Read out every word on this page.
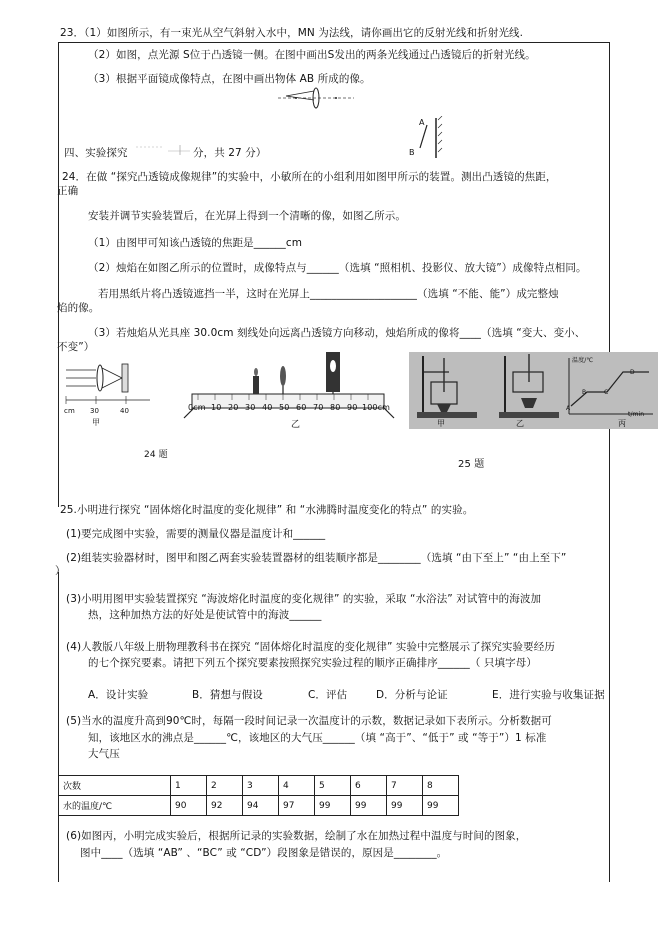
23．（1）如图所示，有一束光从空气斜射入水中，MN 为法线，请你画出它的反射光线和折射光线.
（2）如图，点光源 S位于凸透镜一侧。在图中画出S发出的两条光线通过凸透镜后的折射光线。
（3）根据平面镜成像特点，在图中画出物体 AB 所成的像。
A
B
四、实验探究	分，共 27 分）
24．在做 “探究凸透镜成像规律”的实验中，小敏所在的小组利用如图甲所示的装置。测出凸透镜的焦距，
正确
安装并调节实验装置后，在光屏上得到一个清晰的像，如图乙所示。
（1）由图甲可知该凸透镜的焦距是______cm
（2）烛焰在如图乙所示的位置时，成像特点与______（选填 “照相机、投影仪、放大镜”）成像特点相同。
若用黑纸片将凸透镜遮挡一半，这时在光屏上____________________（选填 “不能、能”）成完整烛
焰的像。
（3）若烛焰从光具座 30.0cm 刻线处向远离凸透镜方向移动，烛焰所成的像将____（选填 “变大、变小、
不变”）
cm 30	40
甲
0cm 10 20 30 40 50 60 70 80 90 100cm
乙
24 题
甲	乙	丙
温度/℃
A
B	C
D
t/min
25 题
25.小明进行探究 “固体熔化时温度的变化规律” 和 “水沸腾时温度变化的特点” 的实验。
(1)要完成图中实验，需要的测量仪器是温度计和______
(2)组装实验器材时，图甲和图乙两套实验装置器材的组装顺序都是________（选填 “由下至上” “由上至下”
）
(3)小明用图甲实验装置探究 “海波熔化时温度的变化规律” 的实验，采取 “水浴法” 对试管中的海波加
热，这种加热方法的好处是使试管中的海波______
(4)人教版八年级上册物理教科书在探究 “固体熔化时温度的变化规律” 实验中完整展示了探究实验要经历
的七个探究要素。请把下列五个探究要素按照探究实验过程的顺序正确排序______（ 只填字母）
A．设计实验	B．猜想与假设	C．评估	D．分析与论证	E．进行实验与收集证据
(5)当水的温度升高到90℃时，每隔一段时间记录一次温度计的示数，数据记录如下表所示。分析数据可
知，该地区水的沸点是______℃，该地区的大气压______（填 “高于”、“低于” 或 “等于”）1 标准
大气压
次数	1	2	3	4	5	6	7	8
水的温度/℃	90	92	94	97	99	99	99	99
(6)如图丙，小明完成实验后，根据所记录的实验数据，绘制了水在加热过程中温度与时间的图象，
图中____（选填 “AB” 、“BC” 或 “CD”）段图象是错误的，原因是________。
